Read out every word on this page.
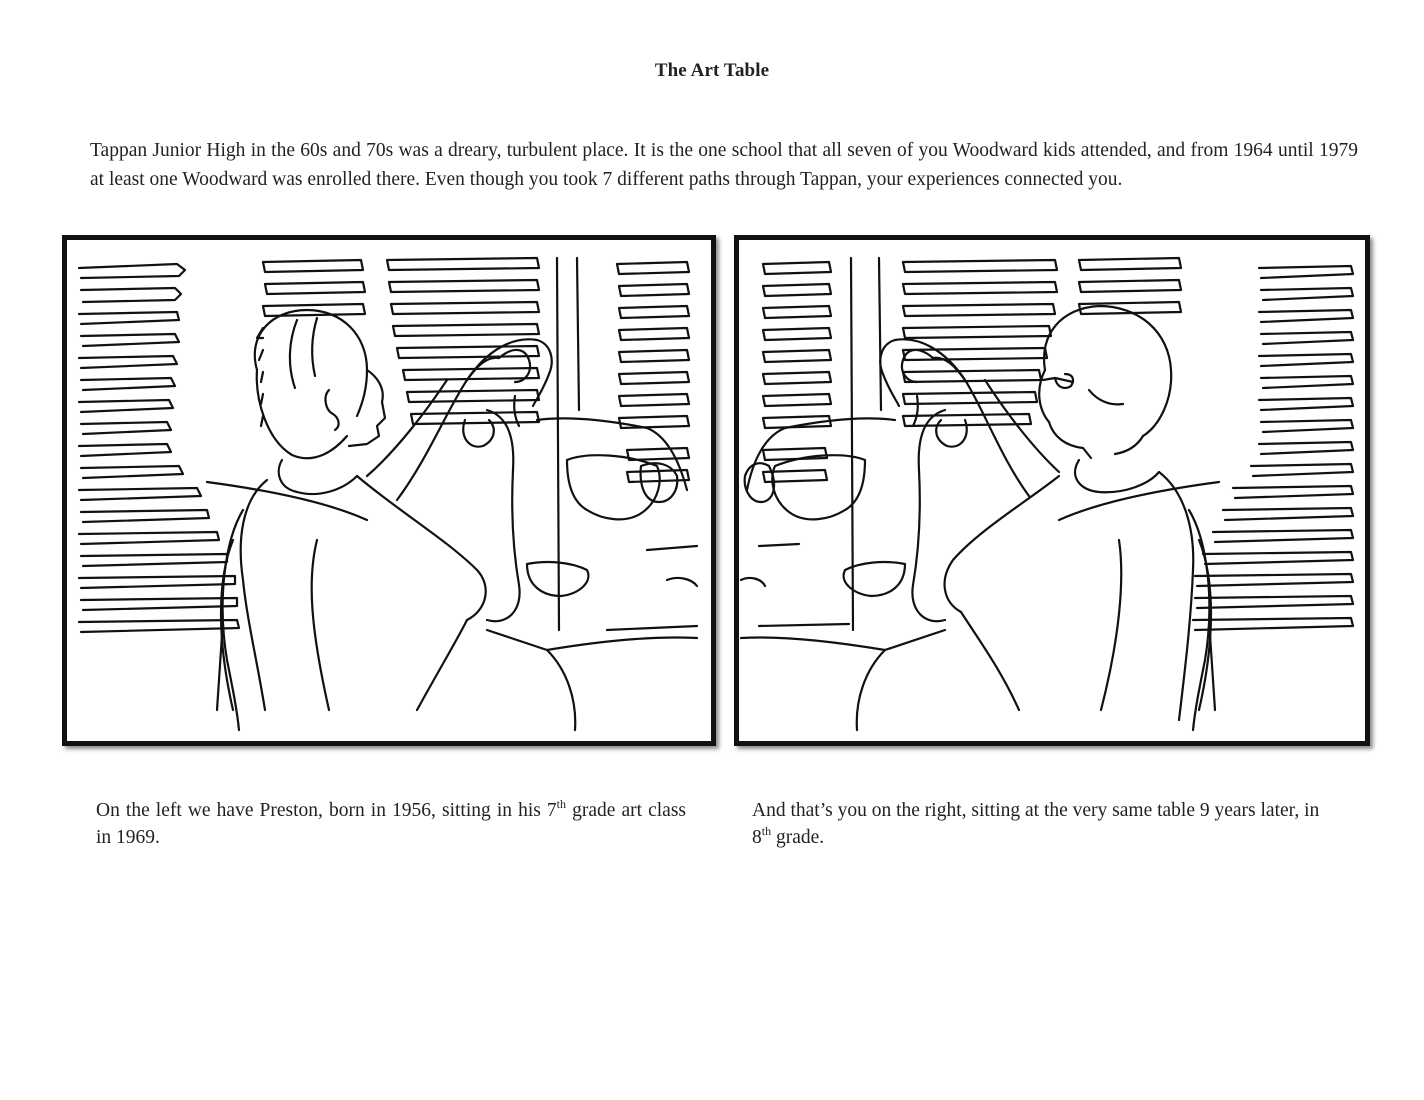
The Art Table
Tappan Junior High in the 60s and 70s was a dreary, turbulent place. It is the one school that all seven of you Woodward kids attended, and from 1964 until 1979 at least one Woodward was enrolled there. Even though you took 7 different paths through Tappan, your experiences connected you.
On the left we have Preston, born in 1956, sitting in his 7th grade art class in 1969.
And that’s you on the right, sitting at the very same table 9 years later, in 8th grade.
